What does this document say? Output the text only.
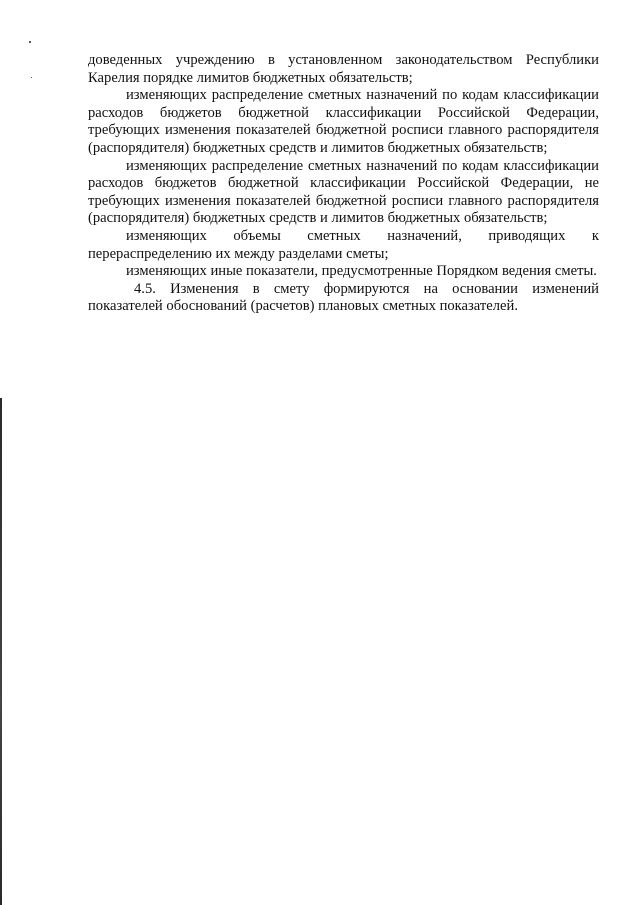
доведенных учреждению в установленном законодательством Республики Карелия порядке лимитов бюджетных обязательств;

изменяющих распределение сметных назначений по кодам классификации расходов бюджетов бюджетной классификации Российской Федерации, требующих изменения показателей бюджетной росписи главного распорядителя (распорядителя) бюджетных средств и лимитов бюджетных обязательств;

изменяющих распределение сметных назначений по кодам классификации расходов бюджетов бюджетной классификации Российской Федерации, не требующих изменения показателей бюджетной росписи главного распорядителя (распорядителя) бюджетных средств и лимитов бюджетных обязательств;

изменяющих объемы сметных назначений, приводящих к перераспределению их между разделами сметы;

изменяющих иные показатели, предусмотренные Порядком ведения сметы.

4.5. Изменения в смету формируются на основании изменений показателей обоснований (расчетов) плановых сметных показателей.
